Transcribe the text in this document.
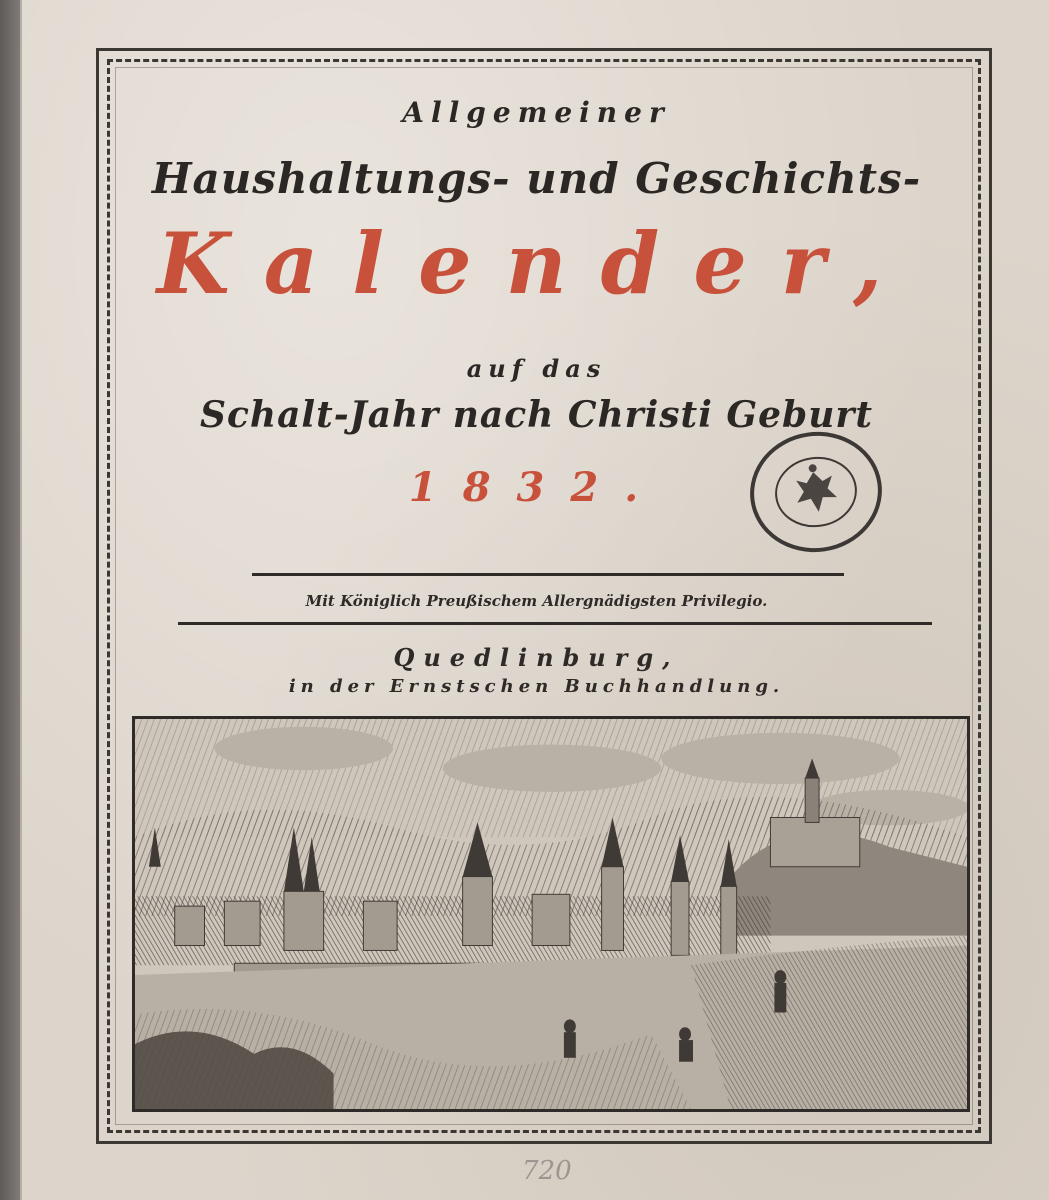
Allgemeiner
Haushaltungs- und Geschichts-
Kalender,
auf das
Schalt-Jahr nach Christi Geburt
1832.
Mit Königlich Preußischem Allergnädigsten Privilegio.
Quedlinburg,
in der Ernstschen Buchhandlung.
720
